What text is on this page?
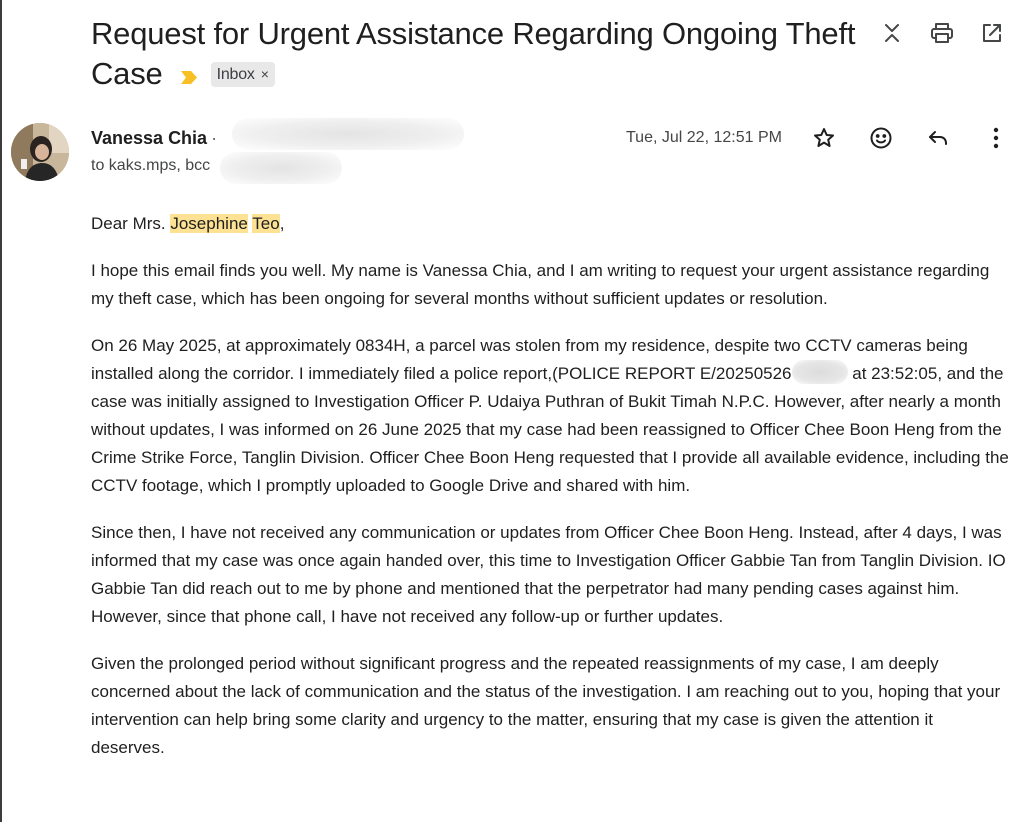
Request for Urgent Assistance Regarding Ongoing Theft Case	Inbox ×
Vanessa Chia ·
to kaks.mps, bcc
Tue, Jul 22, 12:51 PM

Dear Mrs. Josephine Teo,

I hope this email finds you well. My name is Vanessa Chia, and I am writing to request your urgent assistance regarding my theft case, which has been ongoing for several months without sufficient updates or resolution.

On 26 May 2025, at approximately 0834H, a parcel was stolen from my residence, despite two CCTV cameras being installed along the corridor. I immediately filed a police report,(POLICE REPORT E/20250526	at 23:52:05, and the case was initially assigned to Investigation Officer P. Udaiya Puthran of Bukit Timah N.P.C. However, after nearly a month without updates, I was informed on 26 June 2025 that my case had been reassigned to Officer Chee Boon Heng from the Crime Strike Force, Tanglin Division. Officer Chee Boon Heng requested that I provide all available evidence, including the CCTV footage, which I promptly uploaded to Google Drive and shared with him.

Since then, I have not received any communication or updates from Officer Chee Boon Heng. Instead, after 4 days, I was informed that my case was once again handed over, this time to Investigation Officer Gabbie Tan from Tanglin Division. IO Gabbie Tan did reach out to me by phone and mentioned that the perpetrator had many pending cases against him. However, since that phone call, I have not received any follow-up or further updates.

Given the prolonged period without significant progress and the repeated reassignments of my case, I am deeply concerned about the lack of communication and the status of the investigation. I am reaching out to you, hoping that your intervention can help bring some clarity and urgency to the matter, ensuring that my case is given the attention it deserves.
